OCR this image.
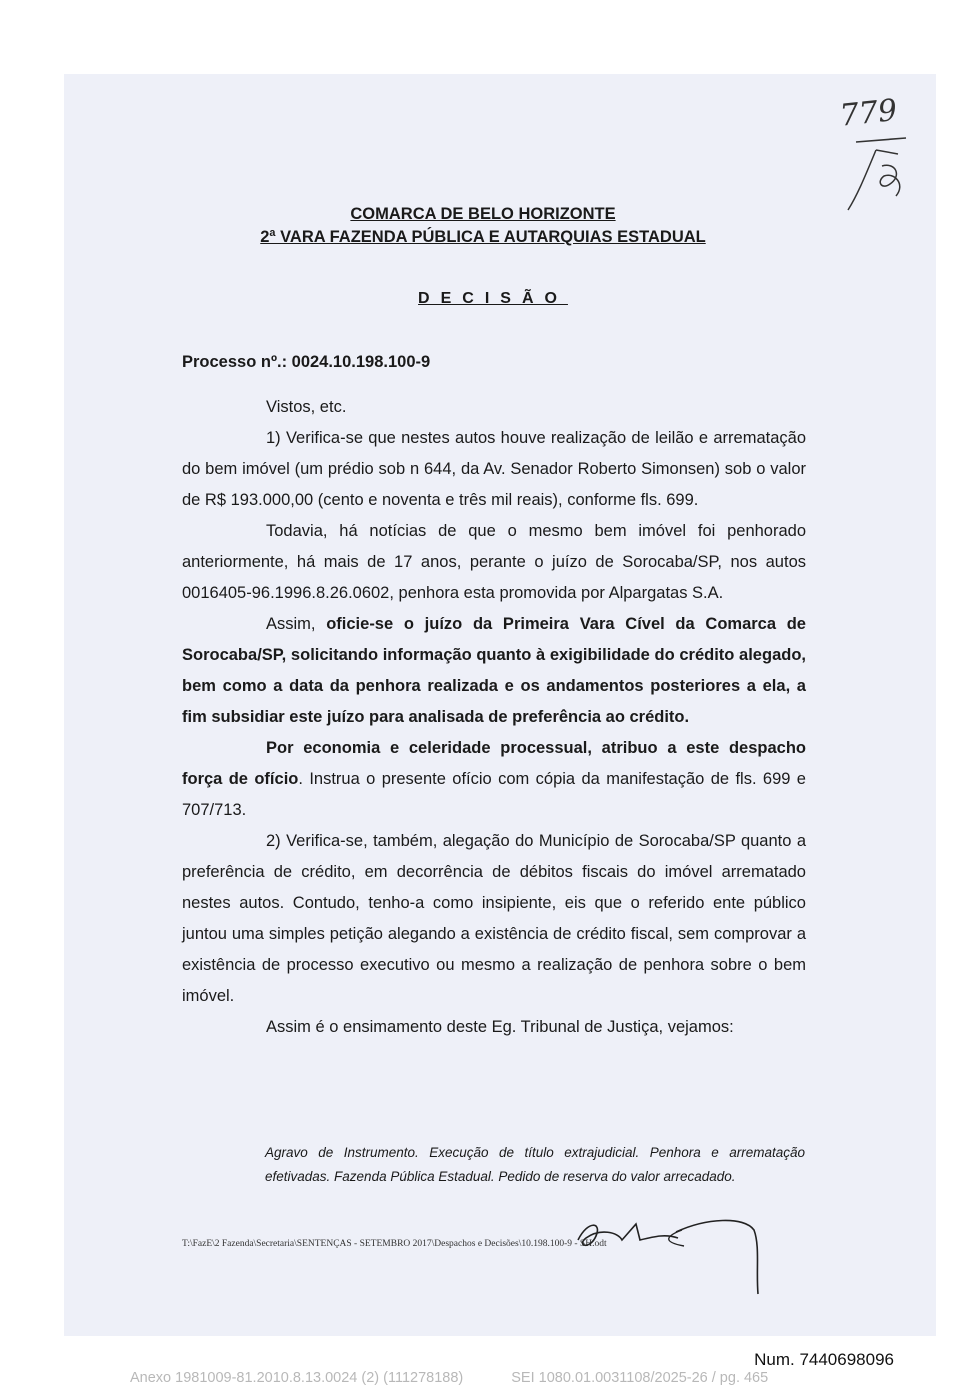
779
COMARCA DE BELO HORIZONTE
2ª VARA FAZENDA PÚBLICA E AUTARQUIAS ESTADUAL
DECISÃO
Processo nº.: 0024.10.198.100-9

Vistos, etc.

1) Verifica-se que nestes autos houve realização de leilão e arrematação do bem imóvel (um prédio sob n 644, da Av. Senador Roberto Simonsen) sob o valor de R$ 193.000,00 (cento e noventa e três mil reais), conforme fls. 699.

Todavia, há notícias de que o mesmo bem imóvel foi penhorado anteriormente, há mais de 17 anos, perante o juízo de Sorocaba/SP, nos autos 0016405-96.1996.8.26.0602, penhora esta promovida por Alpargatas S.A.

Assim, oficie-se o juízo da Primeira Vara Cível da Comarca de Sorocaba/SP, solicitando informação quanto à exigibilidade do crédito alegado, bem como a data da penhora realizada e os andamentos posteriores a ela, a fim subsidiar este juízo para analisada de preferência ao crédito.

Por economia e celeridade processual, atribuo a este despacho força de ofício. Instrua o presente ofício com cópia da manifestação de fls. 699 e 707/713.

2) Verifica-se, também, alegação do Município de Sorocaba/SP quanto a preferência de crédito, em decorrência de débitos fiscais do imóvel arrematado nestes autos. Contudo, tenho-a como insipiente, eis que o referido ente público juntou uma simples petição alegando a existência de crédito fiscal, sem comprovar a existência de processo executivo ou mesmo a realização de penhora sobre o bem imóvel.

Assim é o ensimamento deste Eg. Tribunal de Justiça, vejamos:

Agravo de Instrumento. Execução de título extrajudicial. Penhora e arrematação efetivadas. Fazenda Pública Estadual. Pedido de reserva do valor arrecadado.
T:\FazE\2 Fazenda\Secretaria\SENTENÇAS - SETEMBRO 2017\Despachos e Decisões\10.198.100-9 - SH.odt
Num. 7440698096
Anexo 1981009-81.2010.8.13.0024 (2) (111278188)	SEI 1080.01.0031108/2025-26 / pg. 465
